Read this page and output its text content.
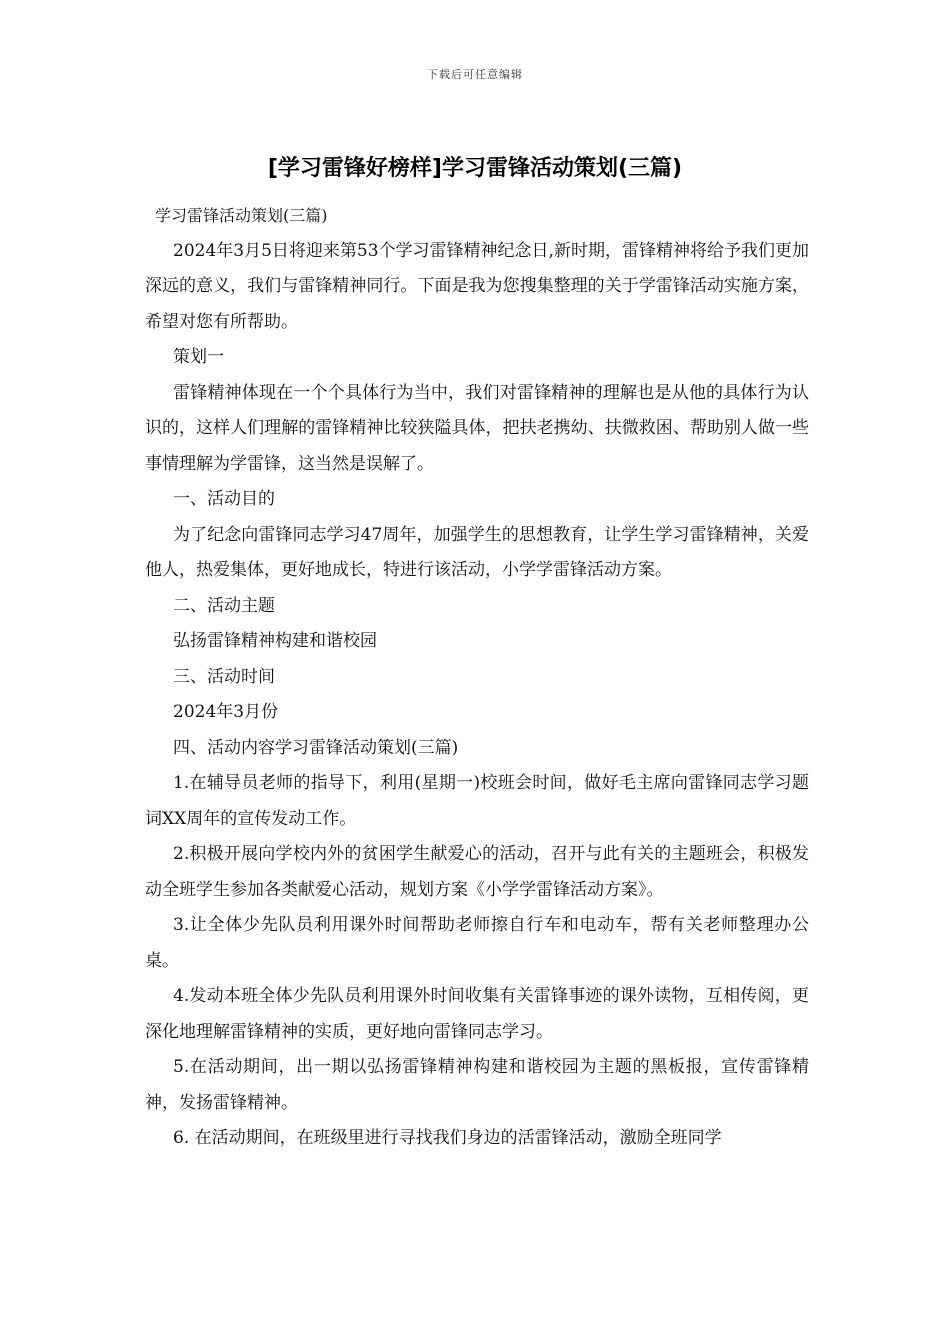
下载后可任意编辑
[学习雷锋好榜样]学习雷锋活动策划(三篇)

学习雷锋活动策划(三篇)

2024年3月5日将迎来第53个学习雷锋精神纪念日,新时期，雷锋精神将给予我们更加深远的意义，我们与雷锋精神同行。下面是我为您搜集整理的关于学雷锋活动实施方案，希望对您有所帮助。

策划一

雷锋精神体现在一个个具体行为当中，我们对雷锋精神的理解也是从他的具体行为认识的，这样人们理解的雷锋精神比较狭隘具体，把扶老携幼、扶微救困、帮助别人做一些事情理解为学雷锋，这当然是误解了。

一、活动目的

为了纪念向雷锋同志学习47周年，加强学生的思想教育，让学生学习雷锋精神，关爱他人，热爱集体，更好地成长，特进行该活动，小学学雷锋活动方案。

二、活动主题

弘扬雷锋精神构建和谐校园

三、活动时间

2024年3月份

四、活动内容学习雷锋活动策划(三篇)

1.在辅导员老师的指导下，利用(星期一)校班会时间，做好毛主席向雷锋同志学习题词XX周年的宣传发动工作。

2.积极开展向学校内外的贫困学生献爱心的活动，召开与此有关的主题班会，积极发动全班学生参加各类献爱心活动，规划方案《小学学雷锋活动方案》。

3.让全体少先队员利用课外时间帮助老师擦自行车和电动车，帮有关老师整理办公桌。

4.发动本班全体少先队员利用课外时间收集有关雷锋事迹的课外读物，互相传阅，更深化地理解雷锋精神的实质，更好地向雷锋同志学习。

5.在活动期间，出一期以弘扬雷锋精神构建和谐校园为主题的黑板报，宣传雷锋精神，发扬雷锋精神。

6. 在活动期间，在班级里进行寻找我们身边的活雷锋活动，激励全班同学
